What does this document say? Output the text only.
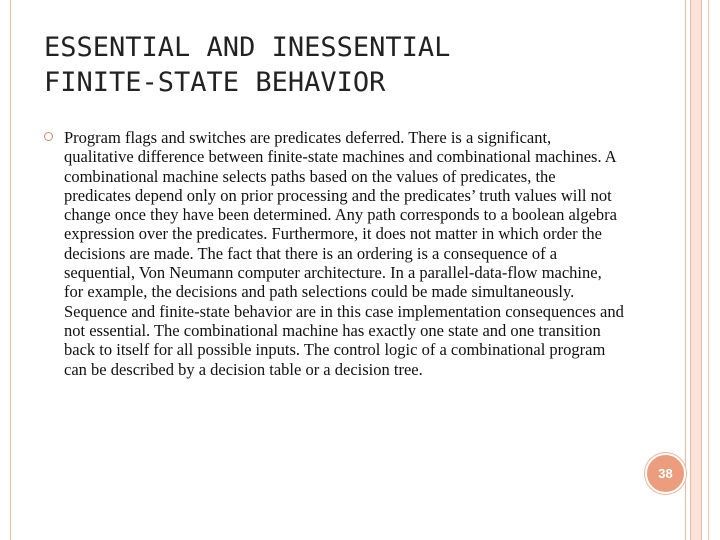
ESSENTIAL AND INESSENTIAL
FINITE-STATE BEHAVIOR
Program flags and switches are predicates deferred. There is a significant, qualitative difference between finite-state machines and combinational machines. A combinational machine selects paths based on the values of predicates, the predicates depend only on prior processing and the predicates’ truth values will not change once they have been determined. Any path corresponds to a boolean algebra expression over the predicates. Furthermore, it does not matter in which order the decisions are made. The fact that there is an ordering is a consequence of a sequential, Von Neumann computer architecture. In a parallel-data-flow machine, for example, the decisions and path selections could be made simultaneously. Sequence and finite-state behavior are in this case implementation consequences and not essential. The combinational machine has exactly one state and one transition back to itself for all possible inputs. The control logic of a combinational program can be described by a decision table or a decision tree.
38
